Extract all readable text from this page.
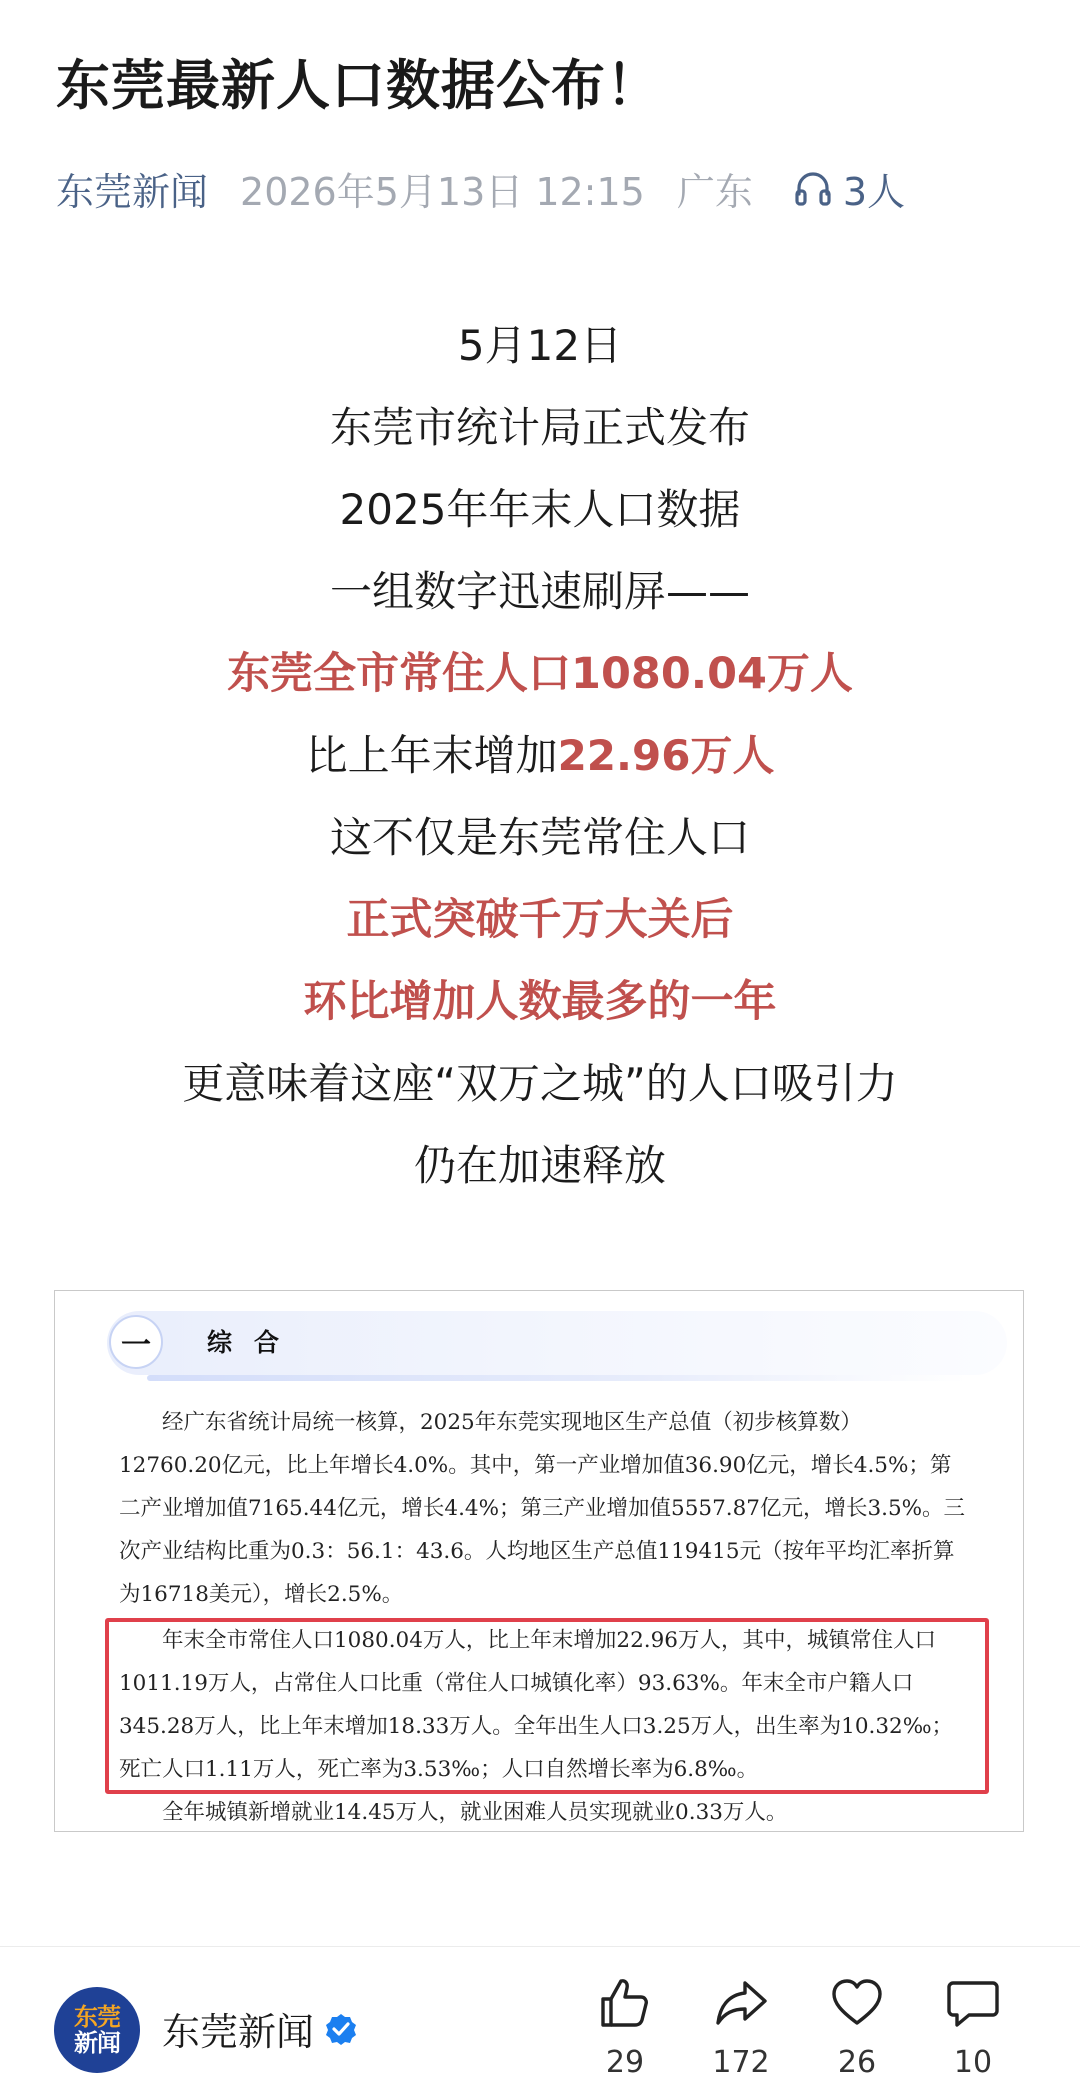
东莞最新人口数据公布！
东莞新闻 2026年5月13日 12:15 广东 3人
5月12日
东莞市统计局正式发布
2025年年末人口数据
一组数字迅速刷屏——
东莞全市常住人口1080.04万人
比上年末增加22.96万人
这不仅是东莞常住人口
正式突破千万大关后
环比增加人数最多的一年
更意味着这座“双万之城”的人口吸引力
仍在加速释放
一	综合
经广东省统计局统一核算，2025年东莞实现地区生产总值（初步核算数）
12760.20亿元，比上年增长4.0%。其中，第一产业增加值36.90亿元，增长4.5%；第
二产业增加值7165.44亿元，增长4.4%；第三产业增加值5557.87亿元，增长3.5%。三
次产业结构比重为0.3：56.1：43.6。人均地区生产总值119415元（按年平均汇率折算
为16718美元），增长2.5%。
年末全市常住人口1080.04万人，比上年末增加22.96万人，其中，城镇常住人口
1011.19万人，占常住人口比重（常住人口城镇化率）93.63%。年末全市户籍人口
345.28万人，比上年末增加18.33万人。全年出生人口3.25万人，出生率为10.32‰；
死亡人口1.11万人，死亡率为3.53‰；人口自然增长率为6.8‰。
全年城镇新增就业14.45万人，就业困难人员实现就业0.33万人。
东莞
新闻 东莞新闻
29	172	26	10
